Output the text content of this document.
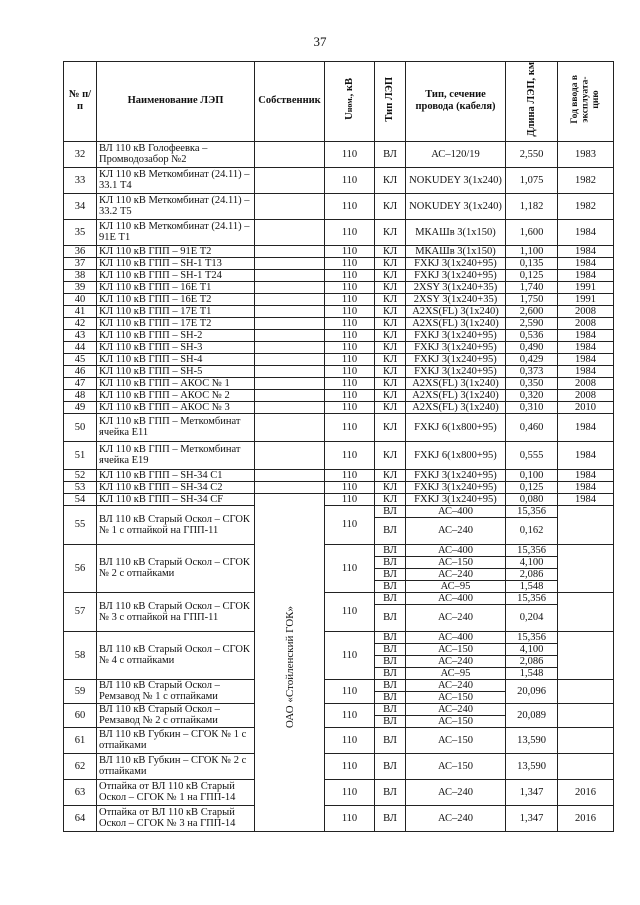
37
№ п/п	Наименование ЛЭП	Собственник	Uном., кВ	Тип ЛЭП	Тип, сечение провода (кабеля)	Длина ЛЭП, км	Год ввода в
эксплуата-
цию
32	ВЛ 110 кВ Голофеевка – Промводозабор №2		110	ВЛ	АС–120/19	2,550	1983
33	КЛ 110 кВ Меткомбинат (24.11) – 33.1 Т4		110	КЛ	NOKUDEY 3(1x240)	1,075	1982
34	КЛ 110 кВ Меткомбинат (24.11) – 33.2 Т5		110	КЛ	NOKUDEY 3(1x240)	1,182	1982
35	КЛ 110 кВ Меткомбинат (24.11) – 91Е Т1		110	КЛ	МКАШв 3(1x150)	1,600	1984
36	КЛ 110 кВ ГПП – 91Е Т2		110	КЛ	МКАШв 3(1x150)	1,100	1984
37	КЛ 110 кВ ГПП – SH-1 Т13		110	КЛ	FXKJ 3(1x240+95)	0,135	1984
38	КЛ 110 кВ ГПП – SH-1 Т24		110	КЛ	FXKJ 3(1x240+95)	0,125	1984
39	КЛ 110 кВ ГПП – 16Е Т1		110	КЛ	2XSY 3(1x240+35)	1,740	1991
40	КЛ 110 кВ ГПП – 16Е Т2		110	КЛ	2XSY 3(1x240+35)	1,750	1991
41	КЛ 110 кВ ГПП – 17Е Т1		110	КЛ	A2XS(FL) 3(1x240)	2,600	2008
42	КЛ 110 кВ ГПП – 17Е Т2		110	КЛ	A2XS(FL) 3(1x240)	2,590	2008
43	КЛ 110 кВ ГПП – SH-2		110	КЛ	FXKJ 3(1x240+95)	0,536	1984
44	КЛ 110 кВ ГПП – SH-3		110	КЛ	FXKJ 3(1x240+95)	0,490	1984
45	КЛ 110 кВ ГПП – SH-4		110	КЛ	FXKJ 3(1x240+95)	0,429	1984
46	КЛ 110 кВ ГПП – SH-5		110	КЛ	FXKJ 3(1x240+95)	0,373	1984
47	КЛ 110 кВ ГПП – АКОС № 1		110	КЛ	A2XS(FL) 3(1x240)	0,350	2008
48	КЛ 110 кВ ГПП – АКОС № 2		110	КЛ	A2XS(FL) 3(1x240)	0,320	2008
49	КЛ 110 кВ ГПП – АКОС № 3		110	КЛ	A2XS(FL) 3(1x240)	0,310	2010
50	КЛ 110 кВ ГПП – Меткомбинат ячейка Е11		110	КЛ	FXKJ 6(1x800+95)	0,460	1984
51	КЛ 110 кВ ГПП – Меткомбинат ячейка Е19		110	КЛ	FXKJ 6(1x800+95)	0,555	1984
52	КЛ 110 кВ ГПП – SH-34 С1		110	КЛ	FXKJ 3(1x240+95)	0,100	1984
53	КЛ 110 кВ ГПП – SH-34 С2		110	КЛ	FXKJ 3(1x240+95)	0,125	1984
54	КЛ 110 кВ ГПП – SH-34 СF		110	КЛ	FXKJ 3(1x240+95)	0,080	1984
55	ВЛ 110 кВ Старый Оскол – СГОК № 1 с отпайкой на ГПП-11	ОАО «Стойленский ГОК»	110	ВЛ	АС–400	15,356	
				ВЛ	АС–240	0,162	
56	ВЛ 110 кВ Старый Оскол – СГОК № 2 с отпайками		110	ВЛ	АС–400	15,356	
				ВЛ	АС–150	4,100	
				ВЛ	АС–240	2,086	
				ВЛ	АС–95	1,548	
57	ВЛ 110 кВ Старый Оскол – СГОК № 3 с отпайкой на ГПП-11		110	ВЛ	АС–400	15,356	
				ВЛ	АС–240	0,204	
58	ВЛ 110 кВ Старый Оскол – СГОК № 4 с отпайками		110	ВЛ	АС–400	15,356	
				ВЛ	АС–150	4,100	
				ВЛ	АС–240	2,086	
				ВЛ	АС–95	1,548	
59	ВЛ 110 кВ Старый Оскол – Ремзавод № 1 с отпайками		110	ВЛ	АС–240	20,096	
				ВЛ	АС–150		
60	ВЛ 110 кВ Старый Оскол – Ремзавод № 2 с отпайками		110	ВЛ	АС–240	20,089	
				ВЛ	АС–150		
61	ВЛ 110 кВ Губкин – СГОК № 1 с отпайками		110	ВЛ	АС–150	13,590	
62	ВЛ 110 кВ Губкин – СГОК № 2 с отпайками		110	ВЛ	АС–150	13,590	
63	Отпайка от ВЛ 110 кВ Старый Оскол – СГОК № 1 на ГПП-14		110	ВЛ	АС–240	1,347	2016
64	Отпайка от ВЛ 110 кВ Старый Оскол – СГОК № 3 на ГПП-14		110	ВЛ	АС–240	1,347	2016
